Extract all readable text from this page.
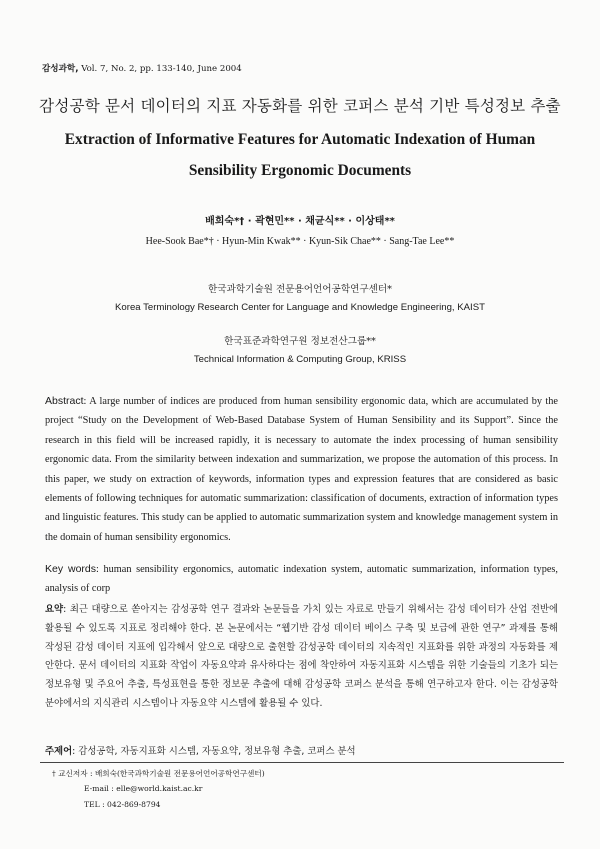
감성과학, Vol. 7, No. 2, pp. 133-140, June 2004
감성공학 문서 데이터의 지표 자동화를 위한 코퍼스 분석 기반 특성정보 추출
Extraction of Informative Features for Automatic Indexation of Human Sensibility Ergonomic Documents
배희숙*† · 곽현민** · 채균식** · 이상태**
Hee-Sook Bae*† · Hyun-Min Kwak** · Kyun-Sik Chae** · Sang-Tae Lee**
한국과학기술원 전문용어언어공학연구센터*
Korea Terminology Research Center for Language and Knowledge Engineering, KAIST
한국표준과학연구원 정보전산그룹**
Technical Information & Computing Group, KRISS
Abstract: A large number of indices are produced from human sensibility ergonomic data, which are accumulated by the project “Study on the Development of Web-Based Database System of Human Sensibility and its Support”. Since the research in this field will be increased rapidly, it is necessary to automate the index processing of human sensibility ergonomic data. From the similarity between indexation and summarization, we propose the automation of this process. In this paper, we study on extraction of keywords, information types and expression features that are considered as basic elements of following techniques for automatic summarization: classification of documents, extraction of information types and linguistic features. This study can be applied to automatic summarization system and knowledge management system in the domain of human sensibility ergonomics.
Key words: human sensibility ergonomics, automatic indexation system, automatic summarization, information types, analysis of corp
요약: 최근 대량으로 쏟아지는 감성공학 연구 결과와 논문들을 가치 있는 자료로 만들기 위해서는 감성 데이터가 산업 전반에 활용될 수 있도록 지표로 정리해야 한다. 본 논문에서는 “웹기반 감성 데이터 베이스 구축 및 보급에 관한 연구” 과제를 통해 작성된 감성 데이터 지표에 입각해서 앞으로 대량으로 출현할 감성공학 데이터의 지속적인 지표화를 위한 과정의 자동화를 제안한다. 문서 데이터의 지표화 작업이 자동요약과 유사하다는 점에 착안하여 자동지표화 시스템을 위한 기술들의 기초가 되는 정보유형 및 주요어 추출, 특성표현을 통한 정보문 추출에 대해 감성공학 코퍼스 분석을 통해 연구하고자 한다. 이는 감성공학 분야에서의 지식관리 시스템이나 자동요약 시스템에 활용될 수 있다.
주제어: 감성공학, 자동지표화 시스템, 자동요약, 정보유형 추출, 코퍼스 분석
† 교신저자 : 배희숙(한국과학기술원 전문용어언어공학연구센터)
E-mail : elle@world.kaist.ac.kr
TEL : 042-869-8794
